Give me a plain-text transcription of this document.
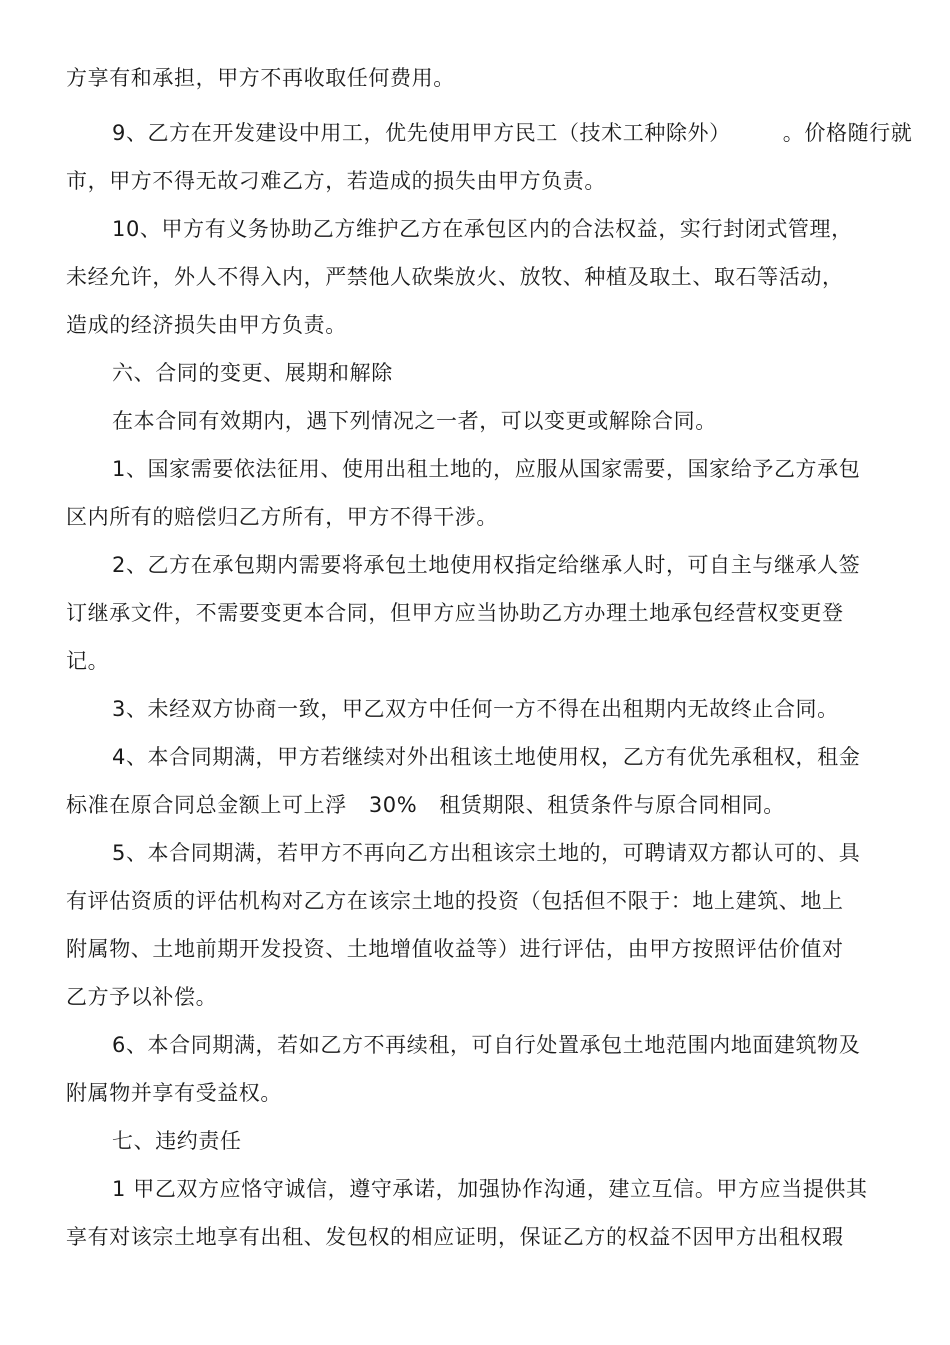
方享有和承担，甲方不再收取任何费用。
9、乙方在开发建设中用工，优先使用甲方民工（技术工种除外） 。价格随行就
市，甲方不得无故刁难乙方，若造成的损失由甲方负责。
10、甲方有义务协助乙方维护乙方在承包区内的合法权益，实行封闭式管理，
未经允许，外人不得入内，严禁他人砍柴放火、放牧、种植及取土、取石等活动，
造成的经济损失由甲方负责。
六、合同的变更、展期和解除
在本合同有效期内，遇下列情况之一者，可以变更或解除合同。
1、国家需要依法征用、使用出租土地的，应服从国家需要，国家给予乙方承包
区内所有的赔偿归乙方所有，甲方不得干涉。
2、乙方在承包期内需要将承包土地使用权指定给继承人时，可自主与继承人签
订继承文件，不需要变更本合同，但甲方应当协助乙方办理土地承包经营权变更登
记。
3、未经双方协商一致，甲乙双方中任何一方不得在出租期内无故终止合同。
4、本合同期满，甲方若继续对外出租该土地使用权，乙方有优先承租权，租金
标准在原合同总金额上可上浮 30% 租赁期限、租赁条件与原合同相同。
5、本合同期满，若甲方不再向乙方出租该宗土地的，可聘请双方都认可的、具
有评估资质的评估机构对乙方在该宗土地的投资（包括但不限于：地上建筑、地上
附属物、土地前期开发投资、土地增值收益等）进行评估，由甲方按照评估价值对
乙方予以补偿。
6、本合同期满，若如乙方不再续租，可自行处置承包土地范围内地面建筑物及
附属物并享有受益权。
七、违约责任
1 甲乙双方应恪守诚信，遵守承诺，加强协作沟通，建立互信。甲方应当提供其
享有对该宗土地享有出租、发包权的相应证明，保证乙方的权益不因甲方出租权瑕
